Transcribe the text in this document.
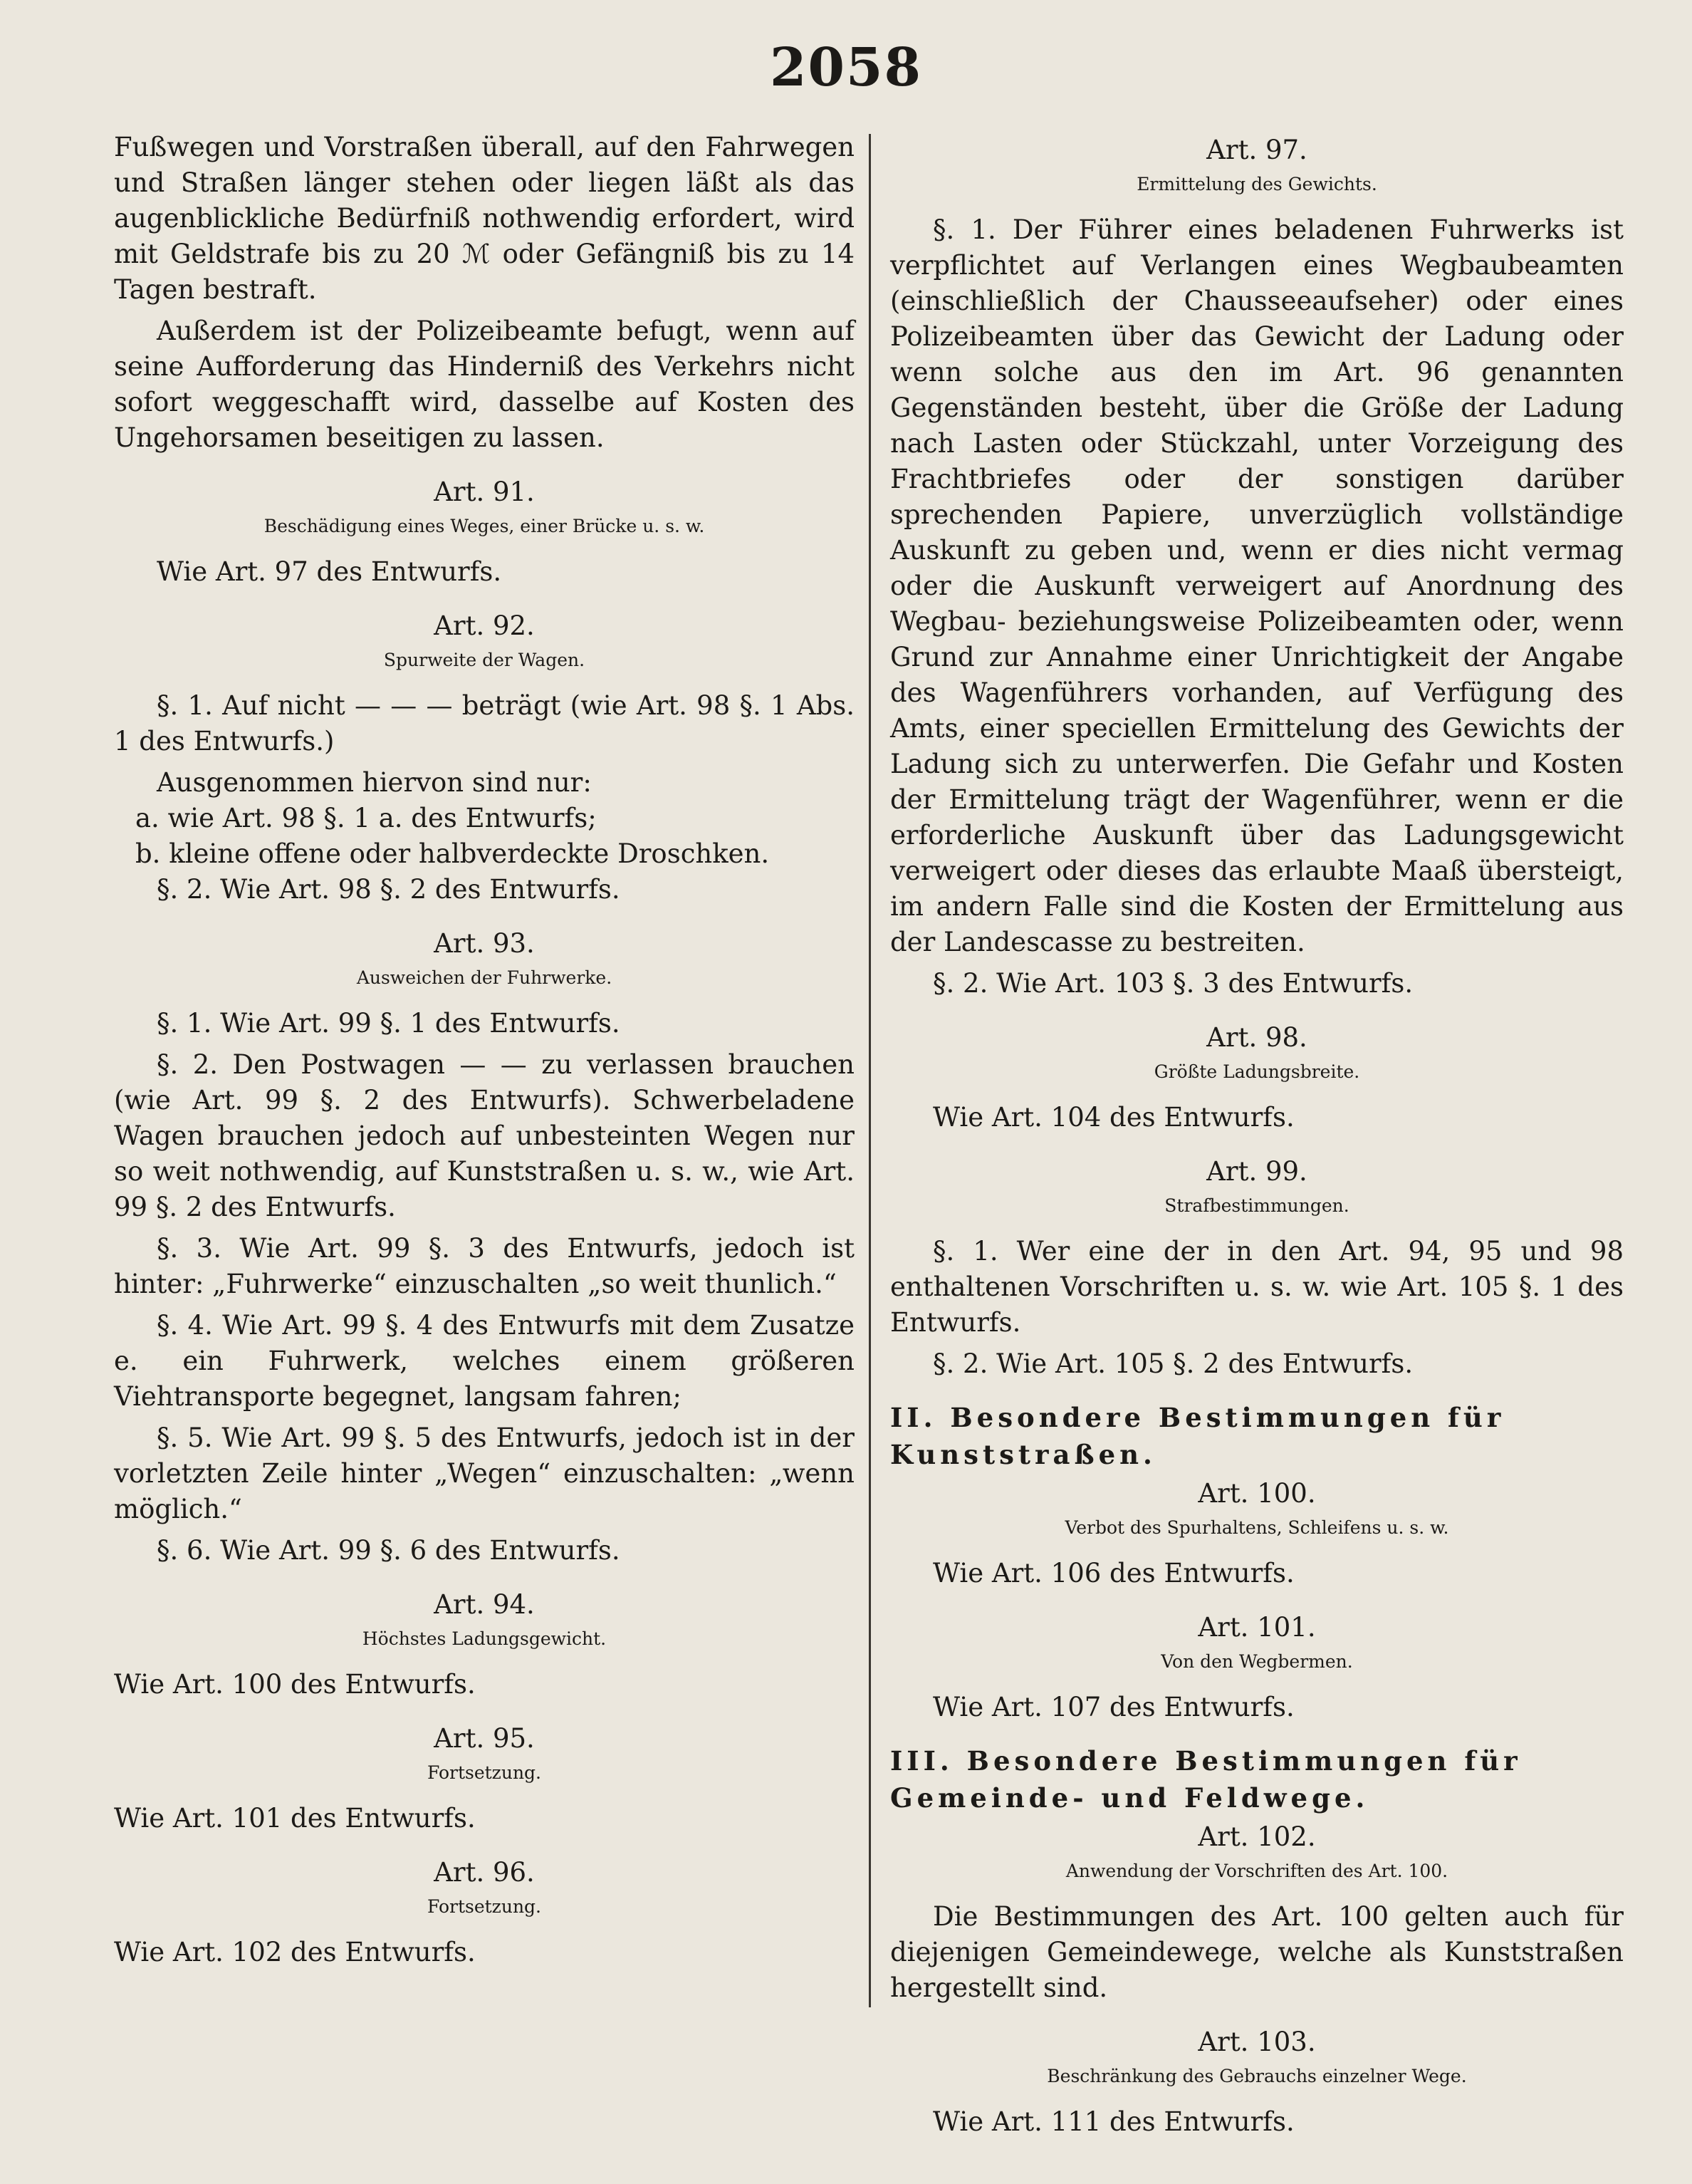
2058

Fußwegen und Vorstraßen überall, auf den Fahrwegen und Straßen länger stehen oder liegen läßt als das augenblickliche Bedürfniß nothwendig erfordert, wird mit Geldstrafe bis zu 20 ℳ oder Gefängniß bis zu 14 Tagen bestraft.

Außerdem ist der Polizeibeamte befugt, wenn auf seine Aufforderung das Hinderniß des Verkehrs nicht sofort weggeschafft wird, dasselbe auf Kosten des Ungehorsamen beseitigen zu lassen.

Art. 91.
Beschädigung eines Weges, einer Brücke u. s. w.

Wie Art. 97 des Entwurfs.

Art. 92.
Spurweite der Wagen.

§. 1. Auf nicht — — — beträgt (wie Art. 98 §. 1 Abs. 1 des Entwurfs.)

Ausgenommen hiervon sind nur:

a. wie Art. 98 §. 1 a. des Entwurfs;

b. kleine offene oder halbverdeckte Droschken.

§. 2. Wie Art. 98 §. 2 des Entwurfs.

Art. 93.
Ausweichen der Fuhrwerke.

§. 1. Wie Art. 99 §. 1 des Entwurfs.

§. 2. Den Postwagen — — zu verlassen brauchen (wie Art. 99 §. 2 des Entwurfs). Schwerbeladene Wagen brauchen jedoch auf unbesteinten Wegen nur so weit nothwendig, auf Kunststraßen u. s. w., wie Art. 99 §. 2 des Entwurfs.

§. 3. Wie Art. 99 §. 3 des Entwurfs, jedoch ist hinter: „Fuhrwerke“ einzuschalten „so weit thunlich.“

§. 4. Wie Art. 99 §. 4 des Entwurfs mit dem Zusatze e. ein Fuhrwerk, welches einem größeren Viehtransporte begegnet, langsam fahren;

§. 5. Wie Art. 99 §. 5 des Entwurfs, jedoch ist in der vorletzten Zeile hinter „Wegen“ einzuschalten: „wenn möglich.“

§. 6. Wie Art. 99 §. 6 des Entwurfs.

Art. 94.
Höchstes Ladungsgewicht.

Wie Art. 100 des Entwurfs.

Art. 95.
Fortsetzung.

Wie Art. 101 des Entwurfs.

Art. 96.
Fortsetzung.

Wie Art. 102 des Entwurfs.

Art. 97.
Ermittelung des Gewichts.

§. 1. Der Führer eines beladenen Fuhrwerks ist verpflichtet auf Verlangen eines Wegbaubeamten (einschließlich der Chausseeaufseher) oder eines Polizeibeamten über das Gewicht der Ladung oder wenn solche aus den im Art. 96 genannten Gegenständen besteht, über die Größe der Ladung nach Lasten oder Stückzahl, unter Vorzeigung des Frachtbriefes oder der sonstigen darüber sprechenden Papiere, unverzüglich vollständige Auskunft zu geben und, wenn er dies nicht vermag oder die Auskunft verweigert auf Anordnung des Wegbau- beziehungsweise Polizeibeamten oder, wenn Grund zur Annahme einer Unrichtigkeit der Angabe des Wagenführers vorhanden, auf Verfügung des Amts, einer speciellen Ermittelung des Gewichts der Ladung sich zu unterwerfen. Die Gefahr und Kosten der Ermittelung trägt der Wagenführer, wenn er die erforderliche Auskunft über das Ladungsgewicht verweigert oder dieses das erlaubte Maaß übersteigt, im andern Falle sind die Kosten der Ermittelung aus der Landescasse zu bestreiten.

§. 2. Wie Art. 103 §. 3 des Entwurfs.

Art. 98.
Größte Ladungsbreite.

Wie Art. 104 des Entwurfs.

Art. 99.
Strafbestimmungen.

§. 1. Wer eine der in den Art. 94, 95 und 98 enthaltenen Vorschriften u. s. w. wie Art. 105 §. 1 des Entwurfs.

§. 2. Wie Art. 105 §. 2 des Entwurfs.

II. Besondere Bestimmungen für Kunststraßen.
Art. 100.
Verbot des Spurhaltens, Schleifens u. s. w.

Wie Art. 106 des Entwurfs.

Art. 101.
Von den Wegbermen.

Wie Art. 107 des Entwurfs.

III. Besondere Bestimmungen für Gemeinde- und Feldwege.
Art. 102.
Anwendung der Vorschriften des Art. 100.

Die Bestimmungen des Art. 100 gelten auch für diejenigen Gemeindewege, welche als Kunststraßen hergestellt sind.

Art. 103.
Beschränkung des Gebrauchs einzelner Wege.

Wie Art. 111 des Entwurfs.
